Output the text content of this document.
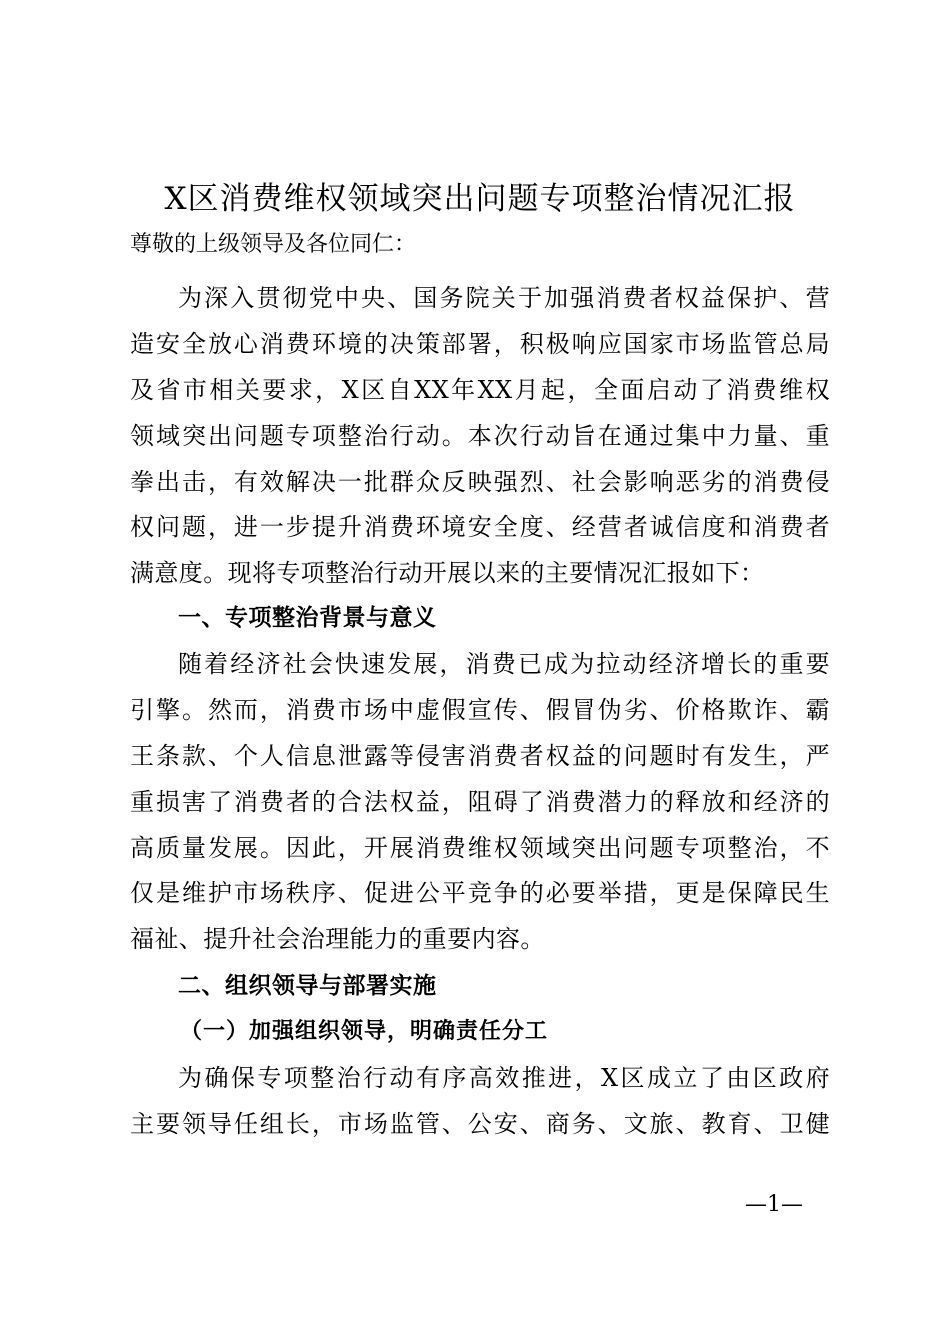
X区消费维权领域突出问题专项整治情况汇报
尊敬的上级领导及各位同仁：
为深入贯彻党中央、国务院关于加强消费者权益保护、营
造安全放心消费环境的决策部署，积极响应国家市场监管总局
及省市相关要求，X区自XX年XX月起，全面启动了消费维权
领域突出问题专项整治行动。本次行动旨在通过集中力量、重
拳出击，有效解决一批群众反映强烈、社会影响恶劣的消费侵
权问题，进一步提升消费环境安全度、经营者诚信度和消费者
满意度。现将专项整治行动开展以来的主要情况汇报如下：
一、专项整治背景与意义
随着经济社会快速发展，消费已成为拉动经济增长的重要
引擎。然而，消费市场中虚假宣传、假冒伪劣、价格欺诈、霸
王条款、个人信息泄露等侵害消费者权益的问题时有发生，严
重损害了消费者的合法权益，阻碍了消费潜力的释放和经济的
高质量发展。因此，开展消费维权领域突出问题专项整治，不
仅是维护市场秩序、促进公平竞争的必要举措，更是保障民生
福祉、提升社会治理能力的重要内容。
二、组织领导与部署实施
（一）加强组织领导，明确责任分工
为确保专项整治行动有序高效推进，X区成立了由区政府
主要领导任组长，市场监管、公安、商务、文旅、教育、卫健
—1—
